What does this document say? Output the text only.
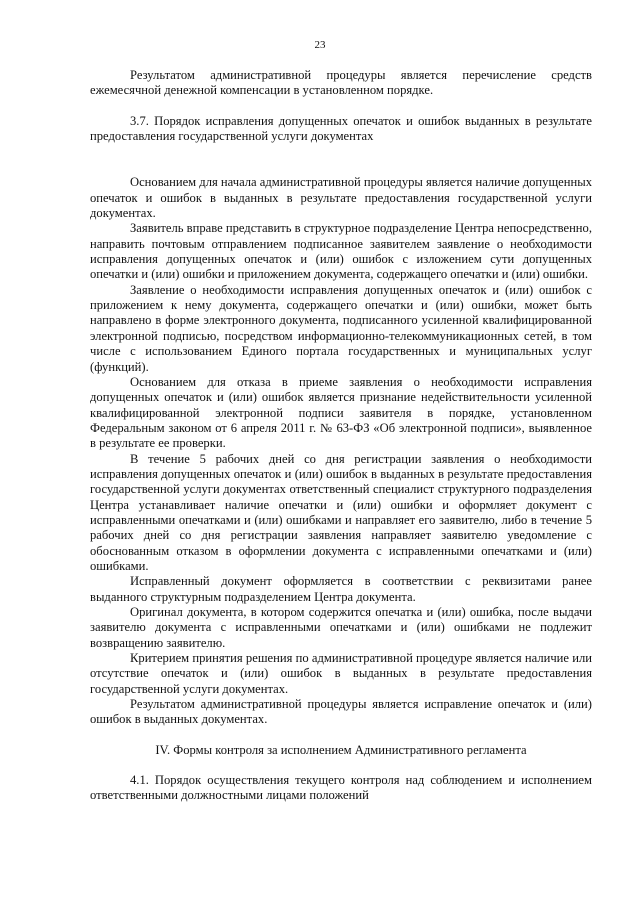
23

Результатом административной процедуры является перечисление средств ежемесячной денежной компенсации в установленном порядке.

3.7. Порядок исправления допущенных опечаток и ошибок выданных в результате предоставления государственной услуги документах

Основанием для начала административной процедуры является наличие допущенных опечаток и ошибок в выданных в результате предоставления государственной услуги документах.

Заявитель вправе представить в структурное подразделение Центра непосредственно, направить почтовым отправлением подписанное заявителем заявление о необходимости исправления допущенных опечаток и (или) ошибок с изложением сути допущенных опечатки и (или) ошибки и приложением документа, содержащего опечатки и (или) ошибки.

Заявление о необходимости исправления допущенных опечаток и (или) ошибок с приложением к нему документа, содержащего опечатки и (или) ошибки, может быть направлено в форме электронного документа, подписанного усиленной квалифицированной электронной подписью, посредством информационно-телекоммуникационных сетей, в том числе с использованием Единого портала государственных и муниципальных услуг (функций).

Основанием для отказа в приеме заявления о необходимости исправления допущенных опечаток и (или) ошибок является признание недействительности усиленной квалифицированной электронной подписи заявителя в порядке, установленном Федеральным законом от 6 апреля 2011 г. № 63-ФЗ «Об электронной подписи», выявленное в результате ее проверки.

В течение 5 рабочих дней со дня регистрации заявления о необходимости исправления допущенных опечаток и (или) ошибок в выданных в результате предоставления государственной услуги документах ответственный специалист структурного подразделения Центра устанавливает наличие опечатки и (или) ошибки и оформляет документ с исправленными опечатками и (или) ошибками и направляет его заявителю, либо в течение 5 рабочих дней со дня регистрации заявления направляет заявителю уведомление с обоснованным отказом в оформлении документа с исправленными опечатками и (или) ошибками.

Исправленный документ оформляется в соответствии с реквизитами ранее выданного структурным подразделением Центра документа.

Оригинал документа, в котором содержится опечатка и (или) ошибка, после выдачи заявителю документа с исправленными опечатками и (или) ошибками не подлежит возвращению заявителю.

Критерием принятия решения по административной процедуре является наличие или отсутствие опечаток и (или) ошибок в выданных в результате предоставления государственной услуги документах.

Результатом административной процедуры является исправление опечаток и (или) ошибок в выданных документах.

IV. Формы контроля за исполнением Административного регламента

4.1. Порядок осуществления текущего контроля над соблюдением и исполнением ответственными должностными лицами положений
